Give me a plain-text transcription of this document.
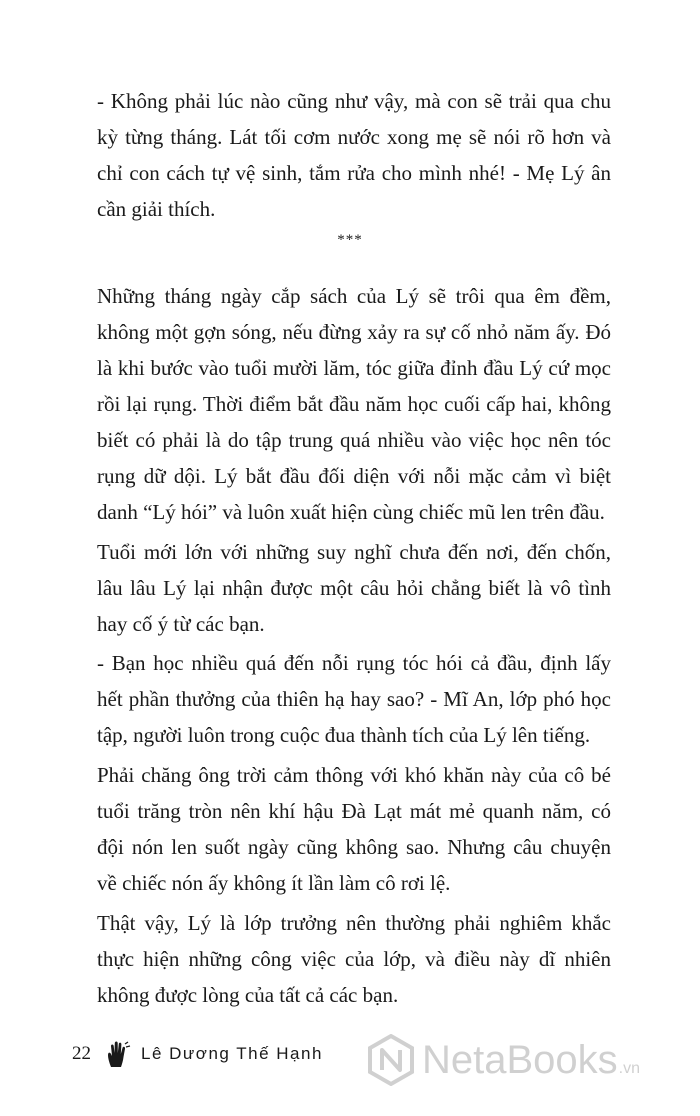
- Không phải lúc nào cũng như vậy, mà con sẽ trải qua chu
kỳ từng tháng. Lát tối cơm nước xong mẹ sẽ nói rõ hơn và
chỉ con cách tự vệ sinh, tắm rửa cho mình nhé! - Mẹ Lý ân
cần giải thích.
***
Những tháng ngày cắp sách của Lý sẽ trôi qua êm đềm,
không một gợn sóng, nếu đừng xảy ra sự cố nhỏ năm ấy. Đó
là khi bước vào tuổi mười lăm, tóc giữa đỉnh đầu Lý cứ mọc
rồi lại rụng. Thời điểm bắt đầu năm học cuối cấp hai, không
biết có phải là do tập trung quá nhiều vào việc học nên tóc
rụng dữ dội. Lý bắt đầu đối diện với nỗi mặc cảm vì biệt
danh “Lý hói” và luôn xuất hiện cùng chiếc mũ len trên đầu.
Tuổi mới lớn với những suy nghĩ chưa đến nơi, đến chốn,
lâu lâu Lý lại nhận được một câu hỏi chẳng biết là vô tình
hay cố ý từ các bạn.
- Bạn học nhiều quá đến nỗi rụng tóc hói cả đầu, định lấy
hết phần thưởng của thiên hạ hay sao? - Mĩ An, lớp phó học
tập, người luôn trong cuộc đua thành tích của Lý lên tiếng.
Phải chăng ông trời cảm thông với khó khăn này của cô bé
tuổi trăng tròn nên khí hậu Đà Lạt mát mẻ quanh năm, có
đội nón len suốt ngày cũng không sao. Nhưng câu chuyện
về chiếc nón ấy không ít lần làm cô rơi lệ.
Thật vậy, Lý là lớp trưởng nên thường phải nghiêm khắc
thực hiện những công việc của lớp, và điều này dĩ nhiên
không được lòng của tất cả các bạn.
22	Lê Dương Thế Hạnh NetaBooks .vn
